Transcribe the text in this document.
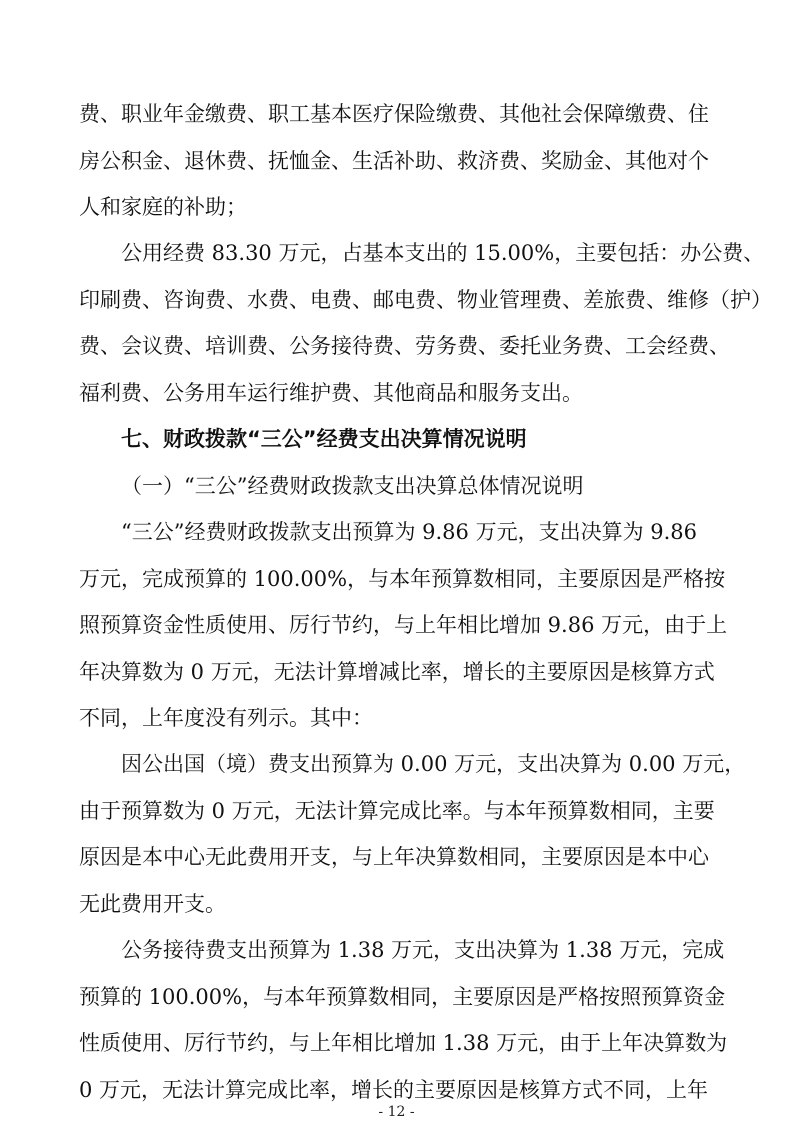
费、职业年金缴费、职工基本医疗保险缴费、其他社会保障缴费、住
房公积金、退休费、抚恤金、生活补助、救济费、奖励金、其他对个
人和家庭的补助；
公用经费 83.30 万元，占基本支出的 15.00%，主要包括：办公费、
印刷费、咨询费、水费、电费、邮电费、物业管理费、差旅费、维修（护）
费、会议费、培训费、公务接待费、劳务费、委托业务费、工会经费、
福利费、公务用车运行维护费、其他商品和服务支出。
七、财政拨款“三公”经费支出决算情况说明
（一）“三公”经费财政拨款支出决算总体情况说明
“三公”经费财政拨款支出预算为 9.86 万元，支出决算为 9.86
万元，完成预算的 100.00%，与本年预算数相同，主要原因是严格按
照预算资金性质使用、厉行节约，与上年相比增加 9.86 万元，由于上
年决算数为 0 万元，无法计算增减比率，增长的主要原因是核算方式
不同，上年度没有列示。其中：
因公出国（境）费支出预算为 0.00 万元，支出决算为 0.00 万元，
由于预算数为 0 万元，无法计算完成比率。与本年预算数相同，主要
原因是本中心无此费用开支，与上年决算数相同，主要原因是本中心
无此费用开支。
公务接待费支出预算为 1.38 万元，支出决算为 1.38 万元，完成
预算的 100.00%，与本年预算数相同，主要原因是严格按照预算资金
性质使用、厉行节约，与上年相比增加 1.38 万元，由于上年决算数为
0 万元，无法计算完成比率，增长的主要原因是核算方式不同，上年
- 12 -
